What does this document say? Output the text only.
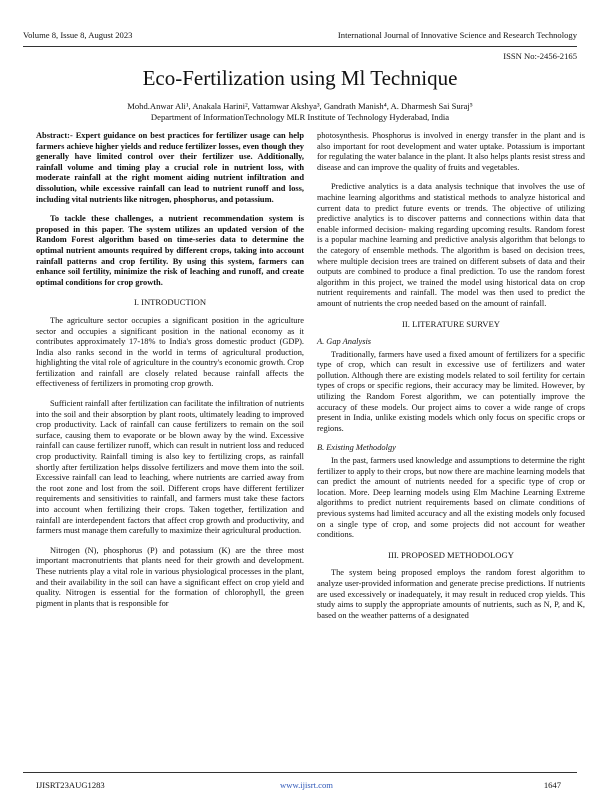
Volume 8, Issue 8, August 2023	International Journal of Innovative Science and Research Technology
ISSN No:-2456-2165
Eco-Fertilization using Ml Technique
Mohd.Anwar Ali¹, Anakala Harini², Vattamwar Akshya³, Gandrath Manish⁴, A. Dharmesh Sai Suraj⁵
Department of InformationTechnology MLR Institute of Technology Hyderabad, India

Abstract:- Expert guidance on best practices for fertilizer usage can help farmers achieve higher yields and reduce fertilizer losses, even though they generally have limited control over their fertilizer use. Additionally, rainfall volume and timing play a crucial role in nutrient loss, with moderate rainfall at the right moment aiding nutrient infiltration and dissolution, while excessive rainfall can lead to nutrient runoff and loss, including vital nutrients like nitrogen, phosphorus, and potassium.

To tackle these challenges, a nutrient recommendation system is proposed in this paper. The system utilizes an updated version of the Random Forest algorithm based on time-series data to determine the optimal nutrient amounts required by different crops, taking into account rainfall patterns and crop fertility. By using this system, farmers can enhance soil fertility, minimize the risk of leaching and runoff, and create optimal conditions for crop growth.

I. INTRODUCTION

The agriculture sector occupies a significant position in the agriculture sector and occupies a significant position in the national economy as it contributes approximately 17-18% to India's gross domestic product (GDP). India also ranks second in the world in terms of agricultural production, highlighting the vital role of agriculture in the country's economic growth. Crop fertilization and rainfall are closely related because rainfall affects the effectiveness of fertilizers in promoting crop growth.

Sufficient rainfall after fertilization can facilitate the infiltration of nutrients into the soil and their absorption by plant roots, ultimately leading to improved crop productivity. Lack of rainfall can cause fertilizers to remain on the soil surface, causing them to evaporate or be blown away by the wind. Excessive rainfall can cause fertilizer runoff, which can result in nutrient loss and reduced crop productivity. Rainfall timing is also key to fertilizing crops, as rainfall shortly after fertilization helps dissolve fertilizers and move them into the soil. Excessive rainfall can lead to leaching, where nutrients are carried away from the root zone and lost from the soil. Different crops have different fertilizer requirements and sensitivities to rainfall, and farmers must take these factors into account when fertilizing their crops. Taken together, fertilization and rainfall are interdependent factors that affect crop growth and productivity, and farmers must manage them carefully to maximize their agricultural production.

Nitrogen (N), phosphorus (P) and potassium (K) are the three most important macronutrients that plants need for their growth and development. These nutrients play a vital role in various physiological processes in the plant, and their availability in the soil can have a significant effect on crop yield and quality. Nitrogen is essential for the formation of chlorophyll, the green pigment in plants that is responsible for

photosynthesis. Phosphorus is involved in energy transfer in the plant and is also important for root development and water uptake. Potassium is important for regulating the water balance in the plant. It also helps plants resist stress and disease and can improve the quality of fruits and vegetables.

Predictive analytics is a data analysis technique that involves the use of machine learning algorithms and statistical methods to analyze historical and current data to predict future events or trends. The objective of utilizing predictive analytics is to discover patterns and connections within data that enable informed decision- making regarding upcoming results. Random forest is a popular machine learning and predictive analysis algorithm that belongs to the category of ensemble methods. The algorithm is based on decision trees, where multiple decision trees are trained on different subsets of data and their outputs are combined to produce a final prediction. To use the random forest algorithm in this project, we trained the model using historical data on crop nutrient requirements and rainfall. The model was then used to predict the amount of nutrients the crop needed based on the amount of rainfall.

II. LITERATURE SURVEY
A. Gap Analysis

Traditionally, farmers have used a fixed amount of fertilizers for a specific type of crop, which can result in excessive use of fertilizers and water pollution. Although there are existing models related to soil fertility for certain types of crops or specific regions, their accuracy may be limited. However, by utilizing the Random Forest algorithm, we can potentially improve the accuracy of these models. Our project aims to cover a wide range of crops present in India, unlike existing models which only focus on specific crops or regions.

B. Existing Methodolgy

In the past, farmers used knowledge and assumptions to determine the right fertilizer to apply to their crops, but now there are machine learning models that can predict the amount of nutrients needed for a specific type of crop or location. More. Deep learning models using Elm Machine Learning Extreme algorithms to predict nutrient requirements based on climate conditions of previous systems had limited accuracy and all the existing models only focused on a single type of crop, and some projects did not account for weather conditions.

III. PROPOSED METHODOLOGY

The system being proposed employs the random forest algorithm to analyze user-provided information and generate precise predictions. If nutrients are used excessively or inadequately, it may result in reduced crop yields. This study aims to supply the appropriate amounts of nutrients, such as N, P, and K, based on the weather patterns of a designated

IJISRT23AUG1283	www.ijisrt.com	1647
